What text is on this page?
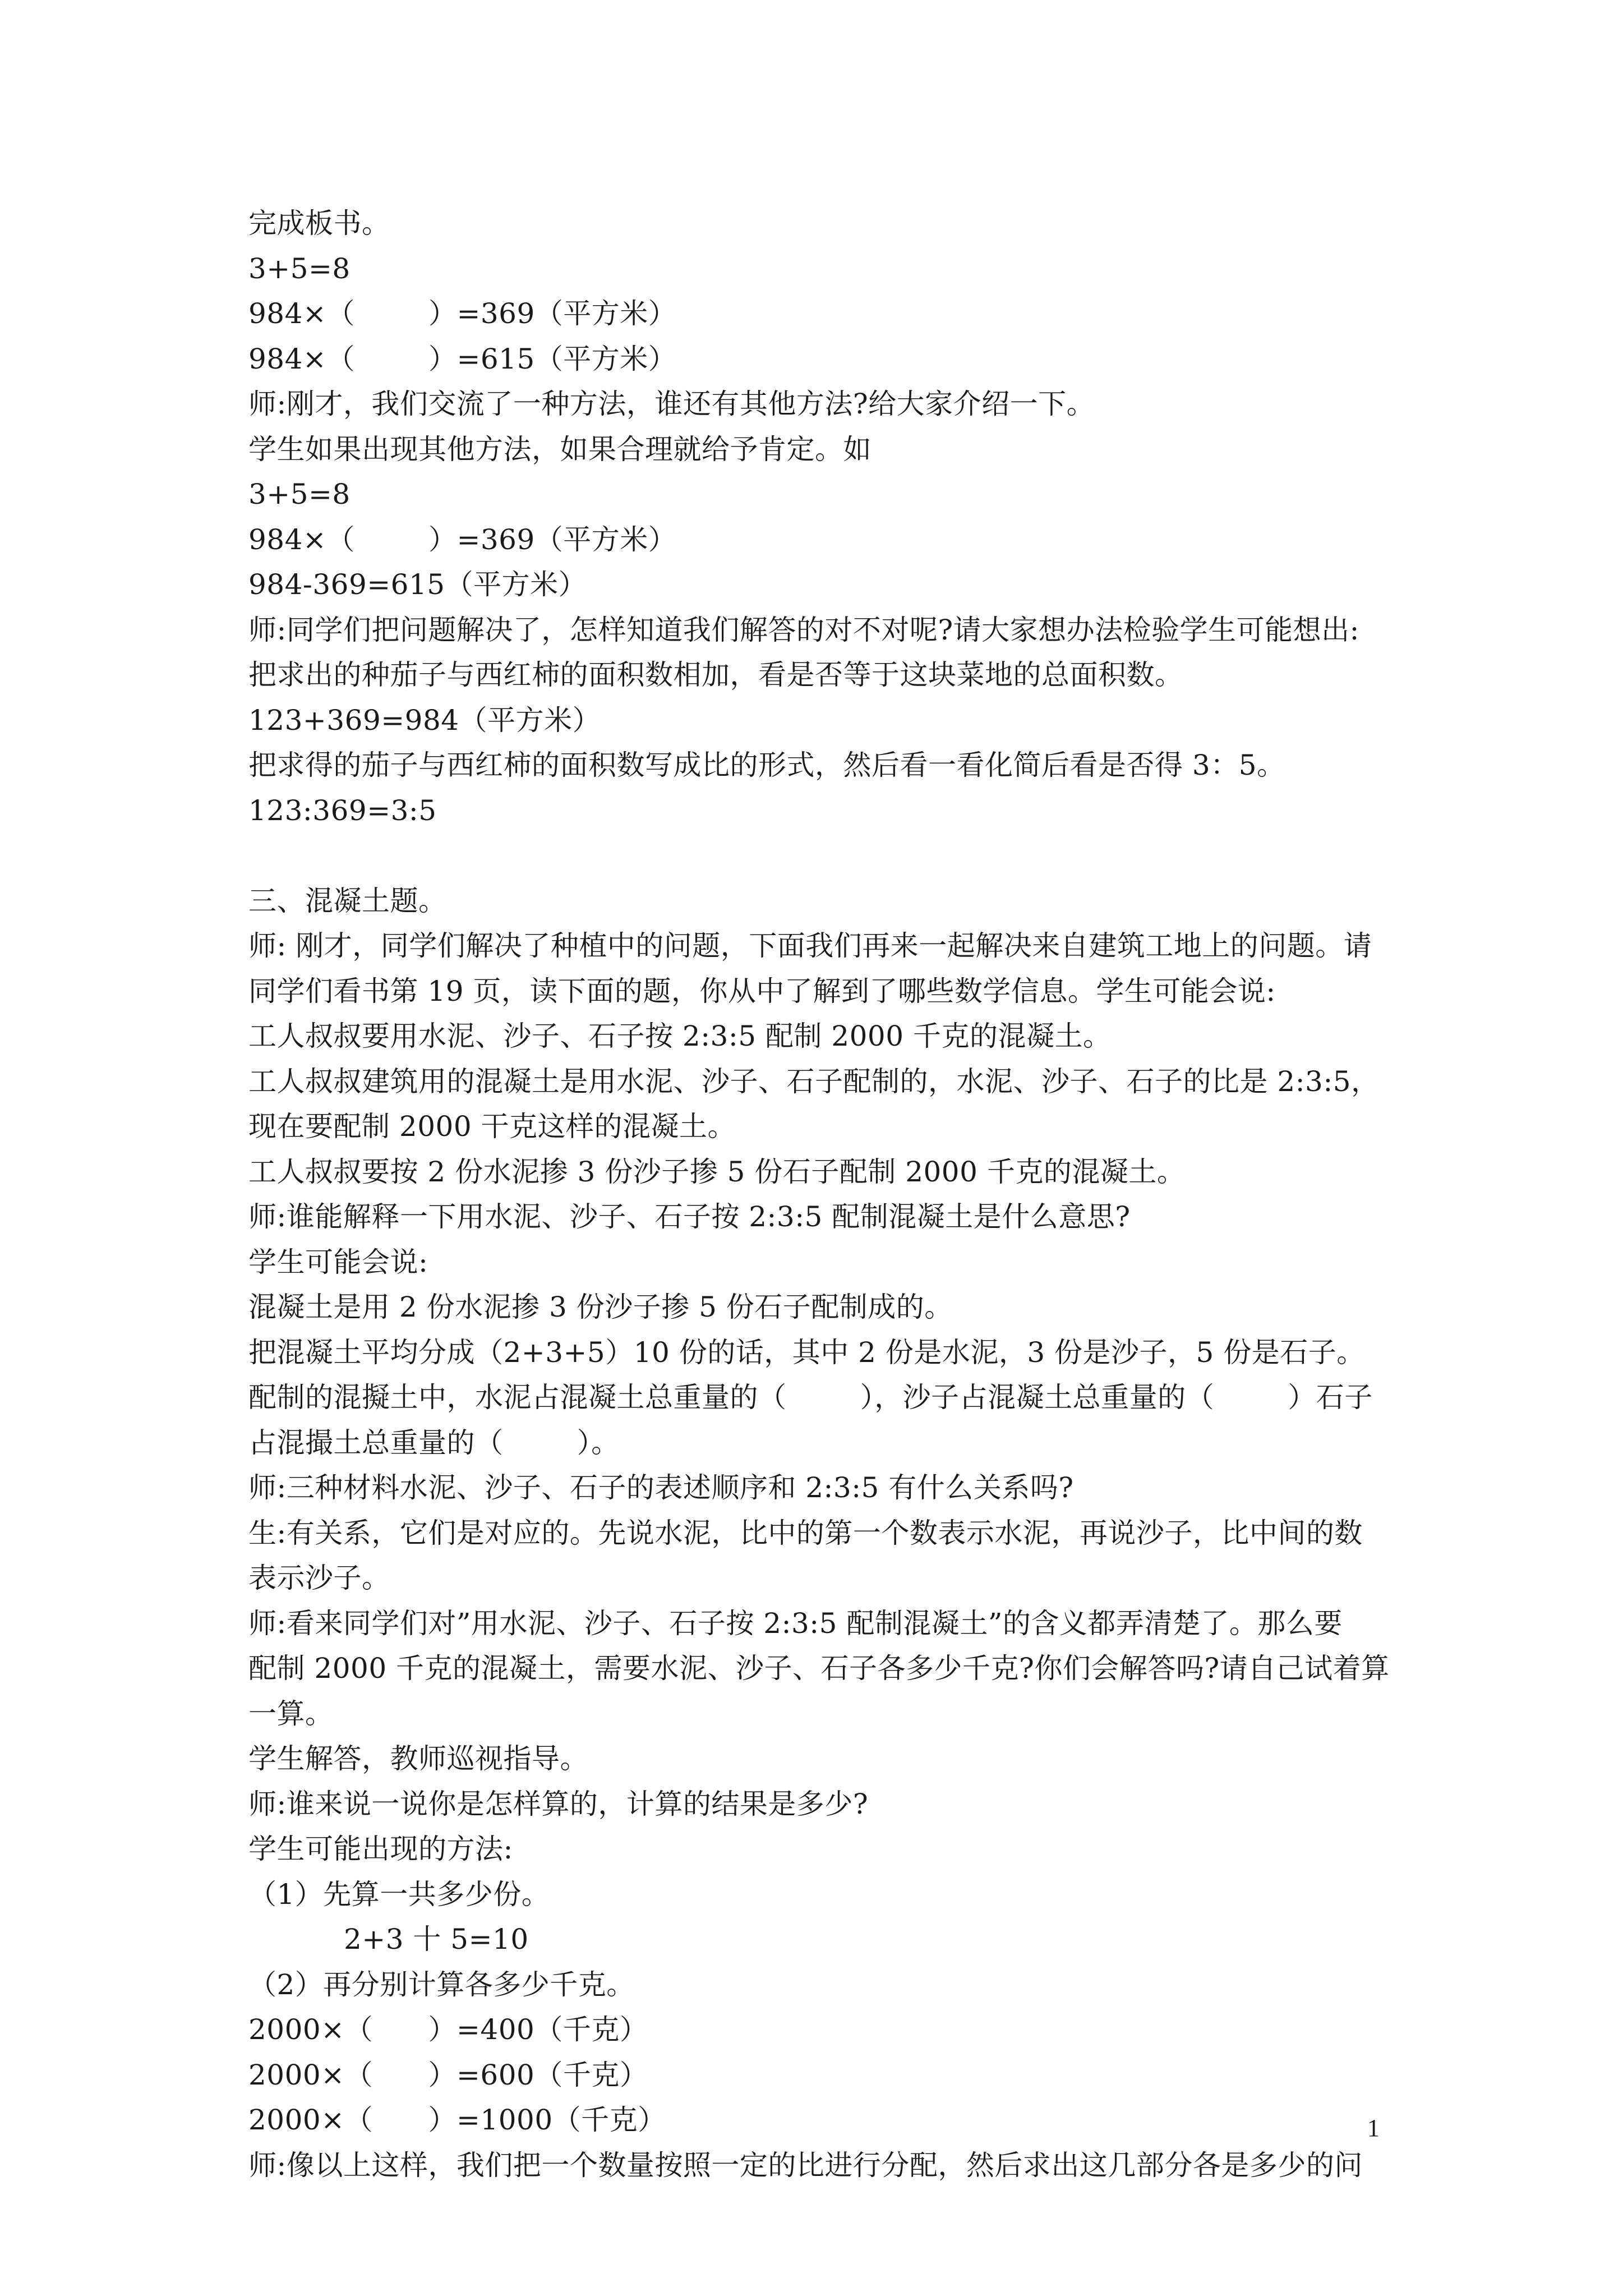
完成板书。
3+5=8
984×（        ）=369（平方米）
984×（        ）=615（平方米）
师:刚才，我们交流了一种方法，谁还有其他方法?给大家介绍一下。
学生如果出现其他方法，如果合理就给予肯定。如
3+5=8
984×（        ）=369（平方米）
984-369=615（平方米）
师:同学们把问题解决了，怎样知道我们解答的对不对呢?请大家想办法检验学生可能想出:
把求出的种茄子与西红柿的面积数相加，看是否等于这块菜地的总面积数。
123+369=984（平方米）
把求得的茄子与西红柿的面积数写成比的形式，然后看一看化简后看是否得 3：5。
123:369=3:5
三、混凝土题。
师: 刚才，同学们解决了种植中的问题，下面我们再来一起解决来自建筑工地上的问题。请
同学们看书第 19 页，读下面的题，你从中了解到了哪些数学信息。学生可能会说:
工人叔叔要用水泥、沙子、石子按 2:3:5 配制 2000 千克的混凝土。
工人叔叔建筑用的混凝土是用水泥、沙子、石子配制的，水泥、沙子、石子的比是 2:3:5，
现在要配制 2000 干克这样的混凝土。
工人叔叔要按 2 份水泥掺 3 份沙子掺 5 份石子配制 2000 千克的混凝土。
师:谁能解释一下用水泥、沙子、石子按 2:3:5 配制混凝土是什么意思?
学生可能会说:
混凝土是用 2 份水泥掺 3 份沙子掺 5 份石子配制成的。
把混凝土平均分成（2+3+5）10 份的话，其中 2 份是水泥，3 份是沙子，5 份是石子。
配制的混擬土中，水泥占混凝土总重量的（        ），沙子占混凝土总重量的（        ）石子
占混撮土总重量的（        ）。
师:三种材料水泥、沙子、石子的表述顺序和 2:3:5 有什么关系吗?
生:有关系，它们是对应的。先说水泥，比中的第一个数表示水泥，再说沙子，比中间的数
表示沙子。
师:看来同学们对”用水泥、沙子、石子按 2:3:5 配制混凝土”的含义都弄清楚了。那么要
配制 2000 千克的混凝土，需要水泥、沙子、石子各多少千克?你们会解答吗?请自己试着算
一算。
学生解答，教师巡视指导。
师:谁来说一说你是怎样算的，计算的结果是多少?
学生可能出现的方法:
（1）先算一共多少份。
2+3 十 5=10
（2）再分别计算各多少千克。
2000×（      ）=400（千克）
2000×（      ）=600（千克）
2000×（      ）=1000（千克）
师:像以上这样，我们把一个数量按照一定的比进行分配，然后求出这几部分各是多少的问
1
